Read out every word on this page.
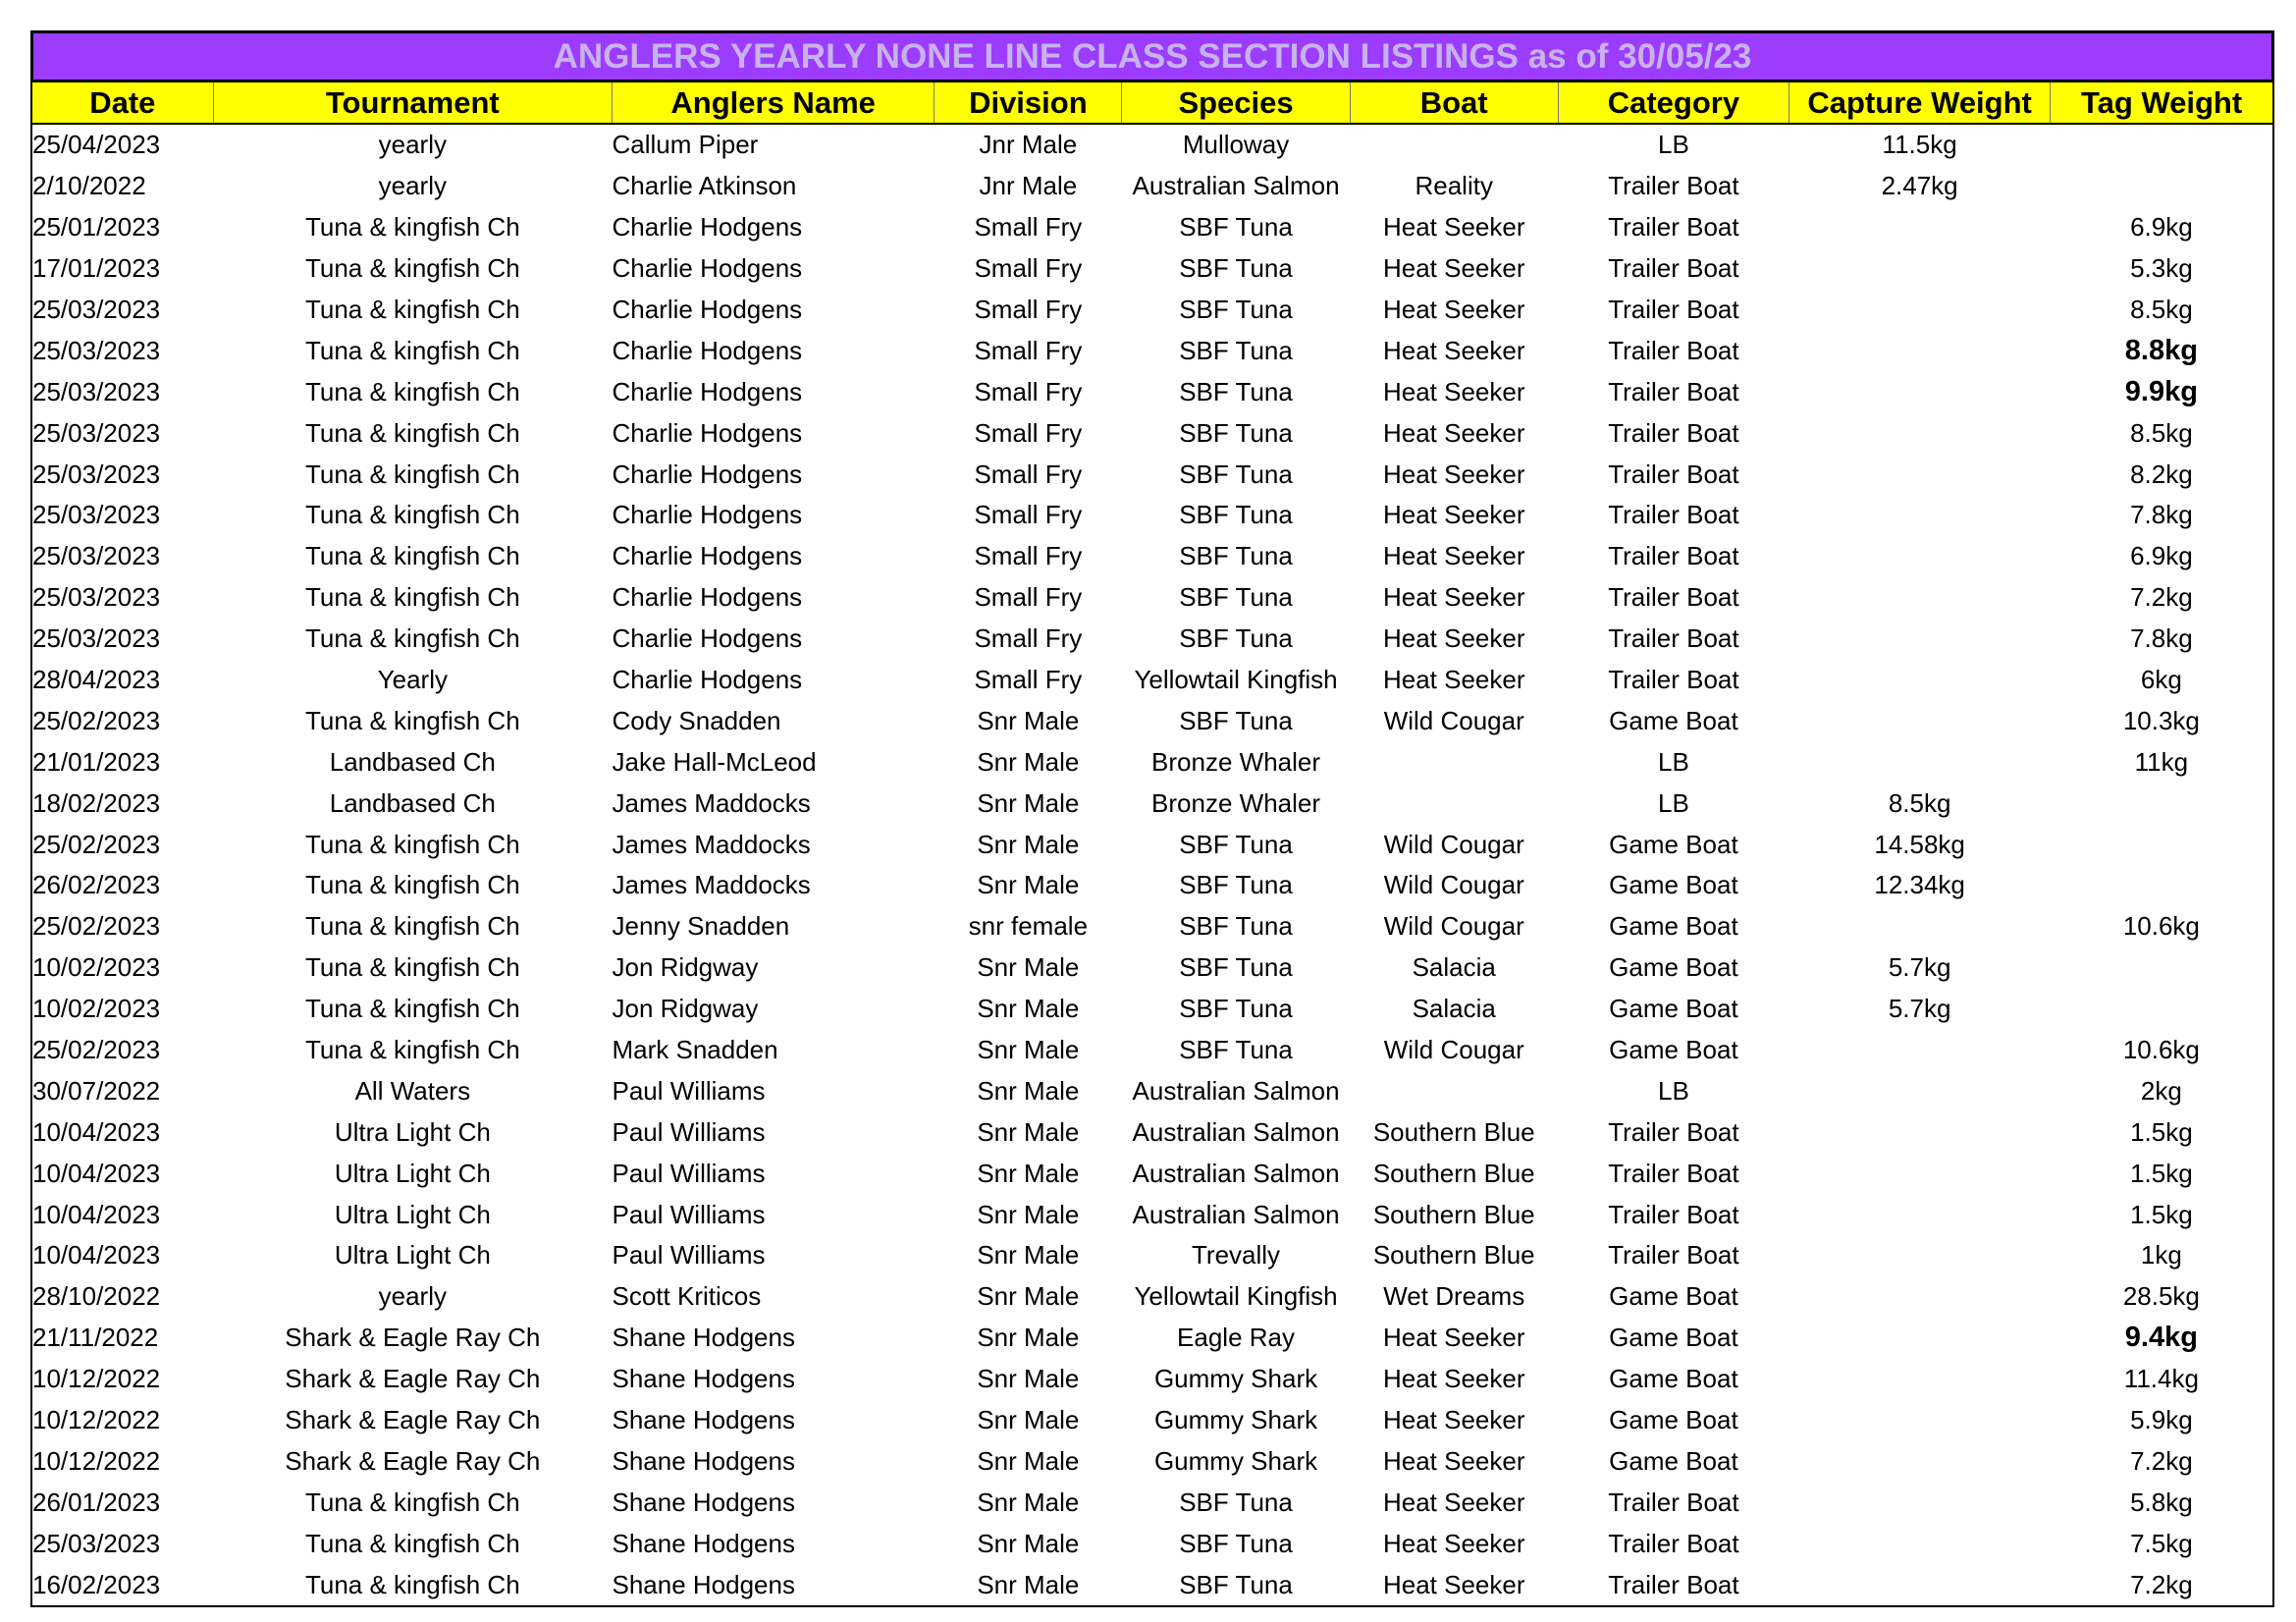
ANGLERS YEARLY NONE LINE CLASS SECTION LISTINGS as of 30/05/23
Date	Tournament	Anglers Name	Division	Species	Boat	Category	Capture Weight	Tag Weight
25/04/2023	yearly	Callum Piper	Jnr Male	Mulloway		LB	11.5kg	
2/10/2022	yearly	Charlie Atkinson	Jnr Male	Australian Salmon	Reality	Trailer Boat	2.47kg	
25/01/2023	Tuna & kingfish Ch	Charlie Hodgens	Small Fry	SBF Tuna	Heat Seeker	Trailer Boat		6.9kg
17/01/2023	Tuna & kingfish Ch	Charlie Hodgens	Small Fry	SBF Tuna	Heat Seeker	Trailer Boat		5.3kg
25/03/2023	Tuna & kingfish Ch	Charlie Hodgens	Small Fry	SBF Tuna	Heat Seeker	Trailer Boat		8.5kg
25/03/2023	Tuna & kingfish Ch	Charlie Hodgens	Small Fry	SBF Tuna	Heat Seeker	Trailer Boat		8.8kg
25/03/2023	Tuna & kingfish Ch	Charlie Hodgens	Small Fry	SBF Tuna	Heat Seeker	Trailer Boat		9.9kg
25/03/2023	Tuna & kingfish Ch	Charlie Hodgens	Small Fry	SBF Tuna	Heat Seeker	Trailer Boat		8.5kg
25/03/2023	Tuna & kingfish Ch	Charlie Hodgens	Small Fry	SBF Tuna	Heat Seeker	Trailer Boat		8.2kg
25/03/2023	Tuna & kingfish Ch	Charlie Hodgens	Small Fry	SBF Tuna	Heat Seeker	Trailer Boat		7.8kg
25/03/2023	Tuna & kingfish Ch	Charlie Hodgens	Small Fry	SBF Tuna	Heat Seeker	Trailer Boat		6.9kg
25/03/2023	Tuna & kingfish Ch	Charlie Hodgens	Small Fry	SBF Tuna	Heat Seeker	Trailer Boat		7.2kg
25/03/2023	Tuna & kingfish Ch	Charlie Hodgens	Small Fry	SBF Tuna	Heat Seeker	Trailer Boat		7.8kg
28/04/2023	Yearly	Charlie Hodgens	Small Fry	Yellowtail Kingfish	Heat Seeker	Trailer Boat		6kg
25/02/2023	Tuna & kingfish Ch	Cody Snadden	Snr Male	SBF Tuna	Wild Cougar	Game Boat		10.3kg
21/01/2023	Landbased Ch	Jake Hall-McLeod	Snr Male	Bronze Whaler		LB		11kg
18/02/2023	Landbased Ch	James Maddocks	Snr Male	Bronze Whaler		LB	8.5kg	
25/02/2023	Tuna & kingfish Ch	James Maddocks	Snr Male	SBF Tuna	Wild Cougar	Game Boat	14.58kg	
26/02/2023	Tuna & kingfish Ch	James Maddocks	Snr Male	SBF Tuna	Wild Cougar	Game Boat	12.34kg	
25/02/2023	Tuna & kingfish Ch	Jenny Snadden	snr female	SBF Tuna	Wild Cougar	Game Boat		10.6kg
10/02/2023	Tuna & kingfish Ch	Jon Ridgway	Snr Male	SBF Tuna	Salacia	Game Boat	5.7kg	
10/02/2023	Tuna & kingfish Ch	Jon Ridgway	Snr Male	SBF Tuna	Salacia	Game Boat	5.7kg	
25/02/2023	Tuna & kingfish Ch	Mark Snadden	Snr Male	SBF Tuna	Wild Cougar	Game Boat		10.6kg
30/07/2022	All Waters	Paul Williams	Snr Male	Australian Salmon		LB		2kg
10/04/2023	Ultra Light Ch	Paul Williams	Snr Male	Australian Salmon	Southern Blue	Trailer Boat		1.5kg
10/04/2023	Ultra Light Ch	Paul Williams	Snr Male	Australian Salmon	Southern Blue	Trailer Boat		1.5kg
10/04/2023	Ultra Light Ch	Paul Williams	Snr Male	Australian Salmon	Southern Blue	Trailer Boat		1.5kg
10/04/2023	Ultra Light Ch	Paul Williams	Snr Male	Trevally	Southern Blue	Trailer Boat		1kg
28/10/2022	yearly	Scott Kriticos	Snr Male	Yellowtail Kingfish	Wet Dreams	Game Boat		28.5kg
21/11/2022	Shark & Eagle Ray Ch	Shane Hodgens	Snr Male	Eagle Ray	Heat Seeker	Game Boat		9.4kg
10/12/2022	Shark & Eagle Ray Ch	Shane Hodgens	Snr Male	Gummy Shark	Heat Seeker	Game Boat		11.4kg
10/12/2022	Shark & Eagle Ray Ch	Shane Hodgens	Snr Male	Gummy Shark	Heat Seeker	Game Boat		5.9kg
10/12/2022	Shark & Eagle Ray Ch	Shane Hodgens	Snr Male	Gummy Shark	Heat Seeker	Game Boat		7.2kg
26/01/2023	Tuna & kingfish Ch	Shane Hodgens	Snr Male	SBF Tuna	Heat Seeker	Trailer Boat		5.8kg
25/03/2023	Tuna & kingfish Ch	Shane Hodgens	Snr Male	SBF Tuna	Heat Seeker	Trailer Boat		7.5kg
16/02/2023	Tuna & kingfish Ch	Shane Hodgens	Snr Male	SBF Tuna	Heat Seeker	Trailer Boat		7.2kg
